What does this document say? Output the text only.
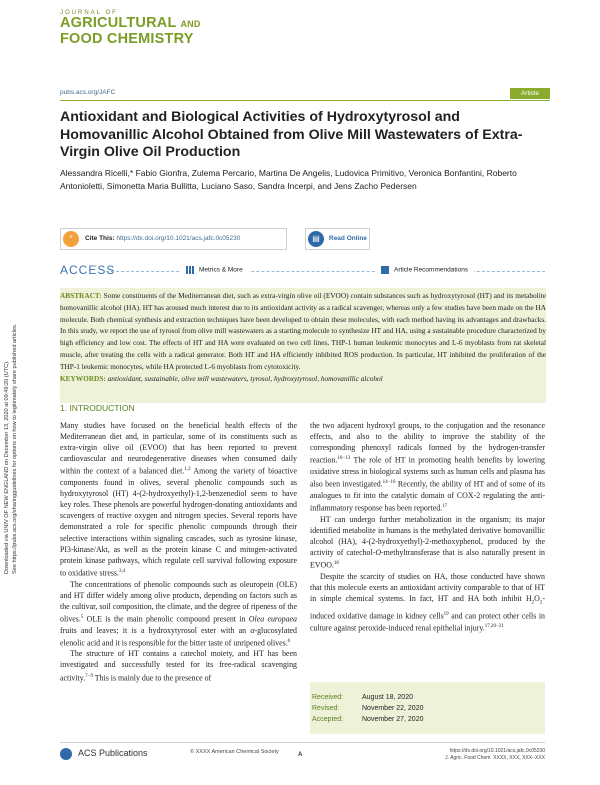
Downloaded via UNIV OF NEW ENGLAND on December 13, 2020 at 09:49:20 (UTC). See https://pubs.acs.org/sharingguidelines for options on how to legitimately share published articles.
JOURNAL OF
AGRICULTURAL AND
FOOD CHEMISTRY
pubs.acs.org/JAFC	Article
Antioxidant and Biological Activities of Hydroxytyrosol and Homovanillic Alcohol Obtained from Olive Mill Wastewaters of Extra-Virgin Olive Oil Production
Alessandra Ricelli,* Fabio Gionfra, Zulema Percario, Martina De Angelis, Ludovica Primitivo, Veronica Bonfantini, Roberto Antonioletti, Simonetta Maria Bullitta, Luciano Saso, Sandra Incerpi, and Jens Zacho Pedersen
”	Cite This: https://dx.doi.org/10.1021/acs.jafc.0c05230	▤	Read Online
ACCESS	Metrics & More	Article Recommendations
ABSTRACT: Some constituents of the Mediterranean diet, such as extra-virgin olive oil (EVOO) contain substances such as hydroxytyrosol (HT) and its metabolite homovanillic alcohol (HA). HT has aroused much interest due to its antioxidant activity as a radical scavenger, whereas only a few studies have been made on the HA molecule. Both chemical synthesis and extraction techniques have been developed to obtain these molecules, with each method having its advantages and drawbacks. In this study, we report the use of tyrosol from olive mill wastewaters as a starting molecule to synthesize HT and HA, using a sustainable procedure characterized by high efficiency and low cost. The effects of HT and HA were evaluated on two cell lines, THP-1 human leukemic monocytes and L-6 myoblasts from rat skeletal muscle, after treating the cells with a radical generator. Both HT and HA efficiently inhibited ROS production. In particular, HT inhibited the proliferation of the THP-1 leukemic monocytes, while HA protected L-6 myoblasts from cytotoxicity.
KEYWORDS: antioxidant, sustainable, olive mill wastewaters, tyrosol, hydroxytyrosol, homovanillic alcohol
1. INTRODUCTION

Many studies have focused on the beneficial health effects of the Mediterranean diet and, in particular, some of its constituents such as extra-virgin olive oil (EVOO) that has been reported to prevent cardiovascular and neurodegenerative diseases when consumed daily within the context of a balanced diet.$^{1,2}$ Among the variety of bioactive components found in olives, several phenolic compounds such as hydroxytyrosol (HT) 4-(2-hydroxyethyl)-1,2-benzenediol seem to have key roles. These phenols are powerful hydrogen-donating antioxidants and scavengers of reactive oxygen and nitrogen species. Several reports have demonstrated a role for specific phenolic compounds through their selective interactions within signaling cascades, such as tyrosine kinase, PI3-kinase/Akt, as well as the protein kinase C and mitogen-activated protein kinase pathways, which regulate cell survival following exposure to oxidative stress.$^{3,4}$

The concentrations of phenolic compounds such as oleuropein (OLE) and HT differ widely among olive products, depending on factors such as the cultivar, soil composition, the climate, and the degree of ripeness of the olives.$^5$ OLE is the main phenolic compound present in Olea europaea fruits and leaves; it is a hydroxytyrosol ester with an α-glucosylated elenolic acid and it is responsible for the bitter taste of unripened olives.$^6$

The structure of HT contains a catechol moiety, and HT has been investigated and successfully tested for its free-radical scavenging activity.$^{7-9}$ This is mainly due to the presence of

the two adjacent hydroxyl groups, to the conjugation and the resonance effects, and also to the ability to improve the stability of the corresponding phenoxyl radicals formed by the hydrogen-transfer reaction.$^{10-13}$ The role of HT in promoting health benefits by lowering oxidative stress in biological systems such as human cells and plasma has also been investigated.$^{14-16}$ Recently, the ability of HT and of some of its analogues to fit into the catalytic domain of COX-2 regulating the anti-inflammatory response has been reported.$^{17}$

HT can undergo further metabolization in the organism; its major identified metabolite in humans is the methylated derivative homovanillic alcohol (HA), 4-(2-hydroxyethyl)-2-methoxyphenol, produced by the activity of catechol-O-methyltransferase that is also naturally present in EVOO.$^{18}$

Despite the scarcity of studies on HA, those conducted have shown that this molecule exerts an antioxidant activity comparable to that of HT in simple chemical systems. In fact, HT and HA both inhibit $H_2O_2$-induced oxidative damage in kidney cells$^{19}$ and can protect other cells in culture against peroxide-induced renal epithelial injury.$^{17,20-21}$

Received:	August 18, 2020
Revised:	November 22, 2020
Accepted:	November 27, 2020
ACS Publications	© XXXX American Chemical Society	A
https://dx.doi.org/10.1021/acs.jafc.0c05230
J. Agric. Food Chem. XXXX, XXX, XXX−XXX
